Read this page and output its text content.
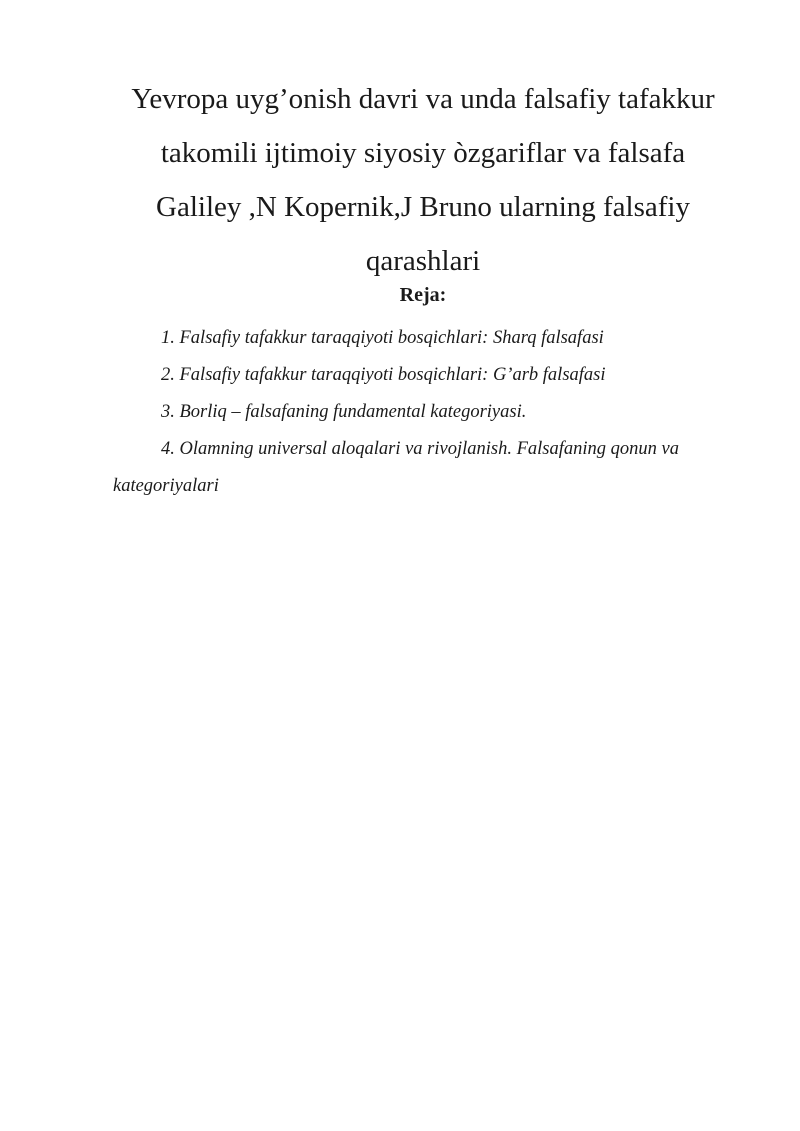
Yevropa uyg’onish davri va unda falsafiy tafakkur
takomili ijtimoiy siyosiy òzgariflar va falsafa
Galiley ,N Kopernik,J Bruno ularning falsafiy
qarashlari
Reja:
1. Falsafiy tafakkur taraqqiyoti bosqichlari: Sharq falsafasi
2. Falsafiy tafakkur taraqqiyoti bosqichlari: G’arb falsafasi
3. Borliq – falsafaning fundamental kategoriyasi.
4. Olamning universal aloqalari va rivojlanish. Falsafaning qonun va kategoriyalari
